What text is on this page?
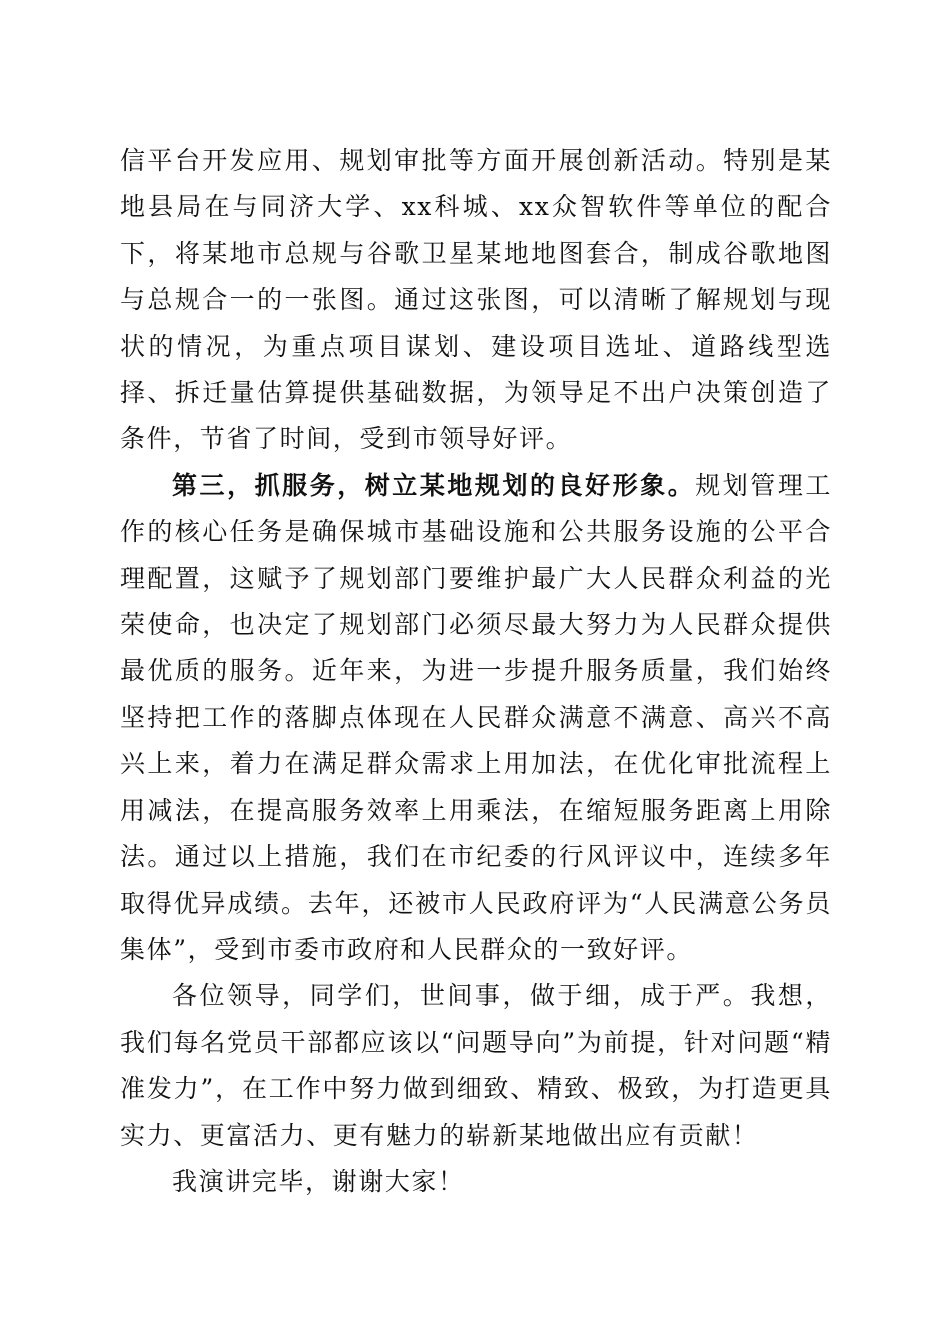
信平台开发应用、规划审批等方面开展创新活动。特别是某地县局在与同济大学、xx科城、xx众智软件等单位的配合下，将某地市总规与谷歌卫星某地地图套合，制成谷歌地图与总规合一的一张图。通过这张图，可以清晰了解规划与现状的情况，为重点项目谋划、建设项目选址、道路线型选择、拆迁量估算提供基础数据，为领导足不出户决策创造了条件，节省了时间，受到市领导好评。

第三，抓服务，树立某地规划的良好形象。规划管理工作的核心任务是确保城市基础设施和公共服务设施的公平合理配置，这赋予了规划部门要维护最广大人民群众利益的光荣使命，也决定了规划部门必须尽最大努力为人民群众提供最优质的服务。近年来，为进一步提升服务质量，我们始终坚持把工作的落脚点体现在人民群众满意不满意、高兴不高兴上来，着力在满足群众需求上用加法，在优化审批流程上用减法，在提高服务效率上用乘法，在缩短服务距离上用除法。通过以上措施，我们在市纪委的行风评议中，连续多年取得优异成绩。去年，还被市人民政府评为“人民满意公务员集体”，受到市委市政府和人民群众的一致好评。

各位领导，同学们，世间事，做于细，成于严。我想，我们每名党员干部都应该以“问题导向”为前提，针对问题“精准发力”，在工作中努力做到细致、精致、极致，为打造更具实力、更富活力、更有魅力的崭新某地做出应有贡献！

我演讲完毕，谢谢大家！
